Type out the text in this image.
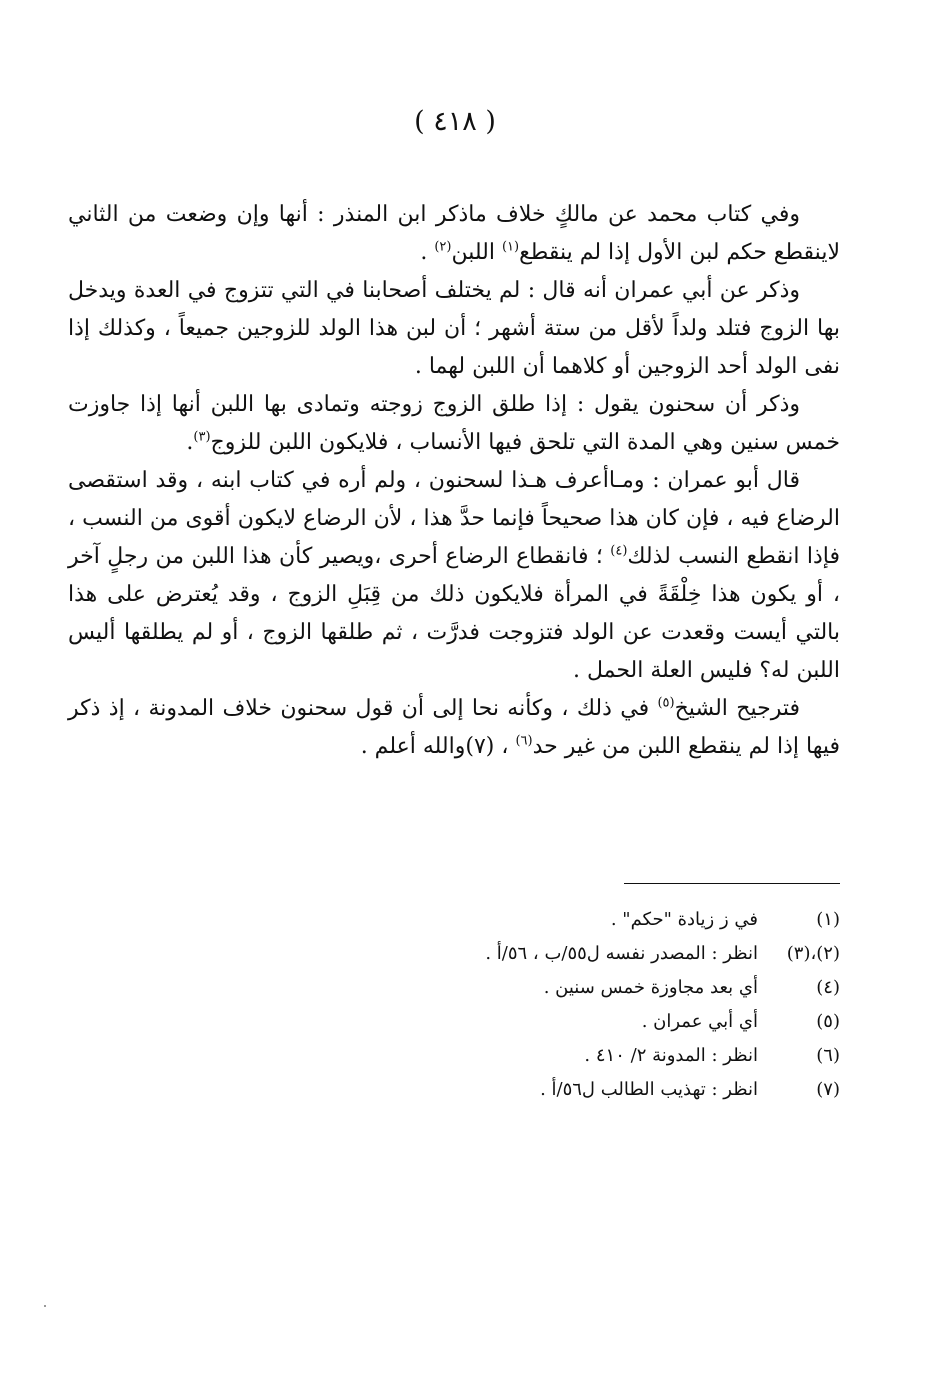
( ٤١٨ )

وفي كتاب محمد عن مالكٍ خلاف ماذكر ابن المنذر : أنها وإن وضعت من الثاني لاينقطع حكم لبن الأول إذا لم ينقطع$^{(١)}$ اللبن$^{(٢)}$ .

وذكر عن أبي عمران أنه قال : لم يختلف أصحابنا في التي تتزوج في العدة ويدخل بها الزوج فتلد ولداً لأقل من ستة أشهر ؛ أن لبن هذا الولد للزوجين جميعاً ، وكذلك إذا نفى الولد أحد الزوجين أو كلاهما أن اللبن لهما .

وذكر أن سحنون يقول : إذا طلق الزوج زوجته وتمادى بها اللبن أنها إذا جاوزت خمس سنين وهي المدة التي تلحق فيها الأنساب ، فلايكون اللبن للزوج$^{(٣)}$.

قال أبو عمران : ومـاأعرف هـذا لسحنون ، ولم أره في كتاب ابنه ، وقد استقصى الرضاع فيه ، فإن كان هذا صحيحاً فإنما حدَّ هذا ، لأن الرضاع لايكون أقوى من النسب ، فإذا انقطع النسب لذلك$^{(٤)}$ ؛ فانقطاع الرضاع أحرى ،ويصير كأن هذا اللبن من رجلٍ آخر ، أو يكون هذا خِلْقَةً في المرأة فلايكون ذلك من قِبَلِ الزوج ، وقد يُعترض على هذا بالتي أيست وقعدت عن الولد فتزوجت فدرَّت ، ثم طلقها الزوج ، أو لم يطلقها أليس اللبن له؟ فليس العلة الحمل .

فترجيح الشيخ$^{(٥)}$ في ذلك ، وكأنه نحا إلى أن قول سحنون خلاف المدونة ، إذ ذكر فيها إذا لم ينقطع اللبن من غير حد$^{(٦)}$ ، (٧)والله أعلم .

(١)
في ز زيادة "حكم" .
(٢)،(٣)
انظر : المصدر نفسه ل٥٥/ب ، ٥٦/أ .
(٤)
أي بعد مجاوزة خمس سنين .
(٥)
أي أبي عمران .
(٦)
انظر : المدونة ٢/ ٤١٠ .
(٧)
انظر : تهذيب الطالب ل٥٦/أ .
